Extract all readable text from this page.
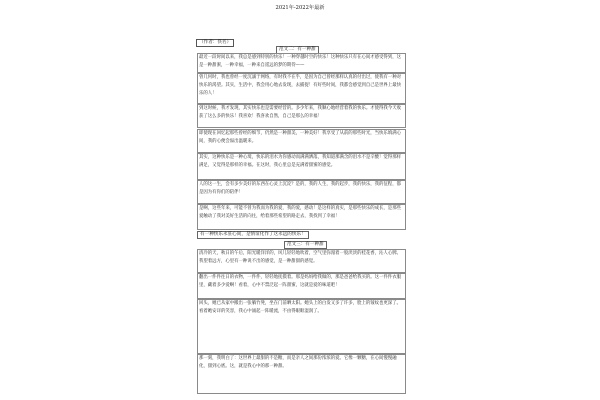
2021年-2022年最新
（作者：佚名）
范文二：有一种甜
最近一段时间以来，我总是感到特别的快乐！一种穿越时空的快乐！这种快乐只有在心间才感受得到，这是一种甜蜜，一种幸福，一种来自遥远的梦的期待——
曾几何时，我也曾经一度沉溺于网络，有时我不在乎，是因为自己曾经那样认真的付出过，使我有一种对快乐的渴望。其实，生活中，我会用心地去发现，去捕捉！有好些时间，我都会感觉到自己是世界上最快乐的人！
到这时候，我才发现，其实快乐也是需要经营的。多少年来，我顺心地经营着我的快乐。才使得我今天收获了这么多的快乐！我喜欢！我喜欢自然，自己是那么的幸福！
即使现在回忆起那些曾经的细节，仍然是一种甜美，一种美好！我享受了从前的那些时光，当快乐填满心间，我的心便会溢出温暖来。
其实，这种快乐是一种心境，快乐的泪水为你感动而满满洒落，我知道那满含的泪水不是辛酸！觉得那样满足，又觉得是那样的幸福。在这时，我心里总是充满着甜蜜的感觉。
人的这一生，会有多少美好的东西在心灵上沉淀？是的，我的人生，我的起步，我的快乐，我的征程，都是因为有你们的陪伴！
是啊，这些年来，可能不曾为我而为我的爱，我的爱，感动！是这样的真实，是那些快乐的成长，是那些爱触动了我对美好生活的向往，给着那些希望的路走去，我找到了幸福！
有一种快乐永驻心间，是情谊化作了这永远的快乐！
范文三：有一种甜
清冷的天，秋日的午后，阳光暖洋洋的，风儿轻轻地吹着，空气里弥漫着一股淡淡的桂花香，沁人心脾。我望着远方，心里有一种说不出的感觉，是一种甜甜的感觉。
翻出一件件往日的衣物，一件件，轻轻地抚摸着。那是妈妈给我做的，那是爸爸给我买的。这一件件衣服里，藏着多少爱啊！看着，心中不禁泛起一阵甜蜜，这就是爱的味道吧！
回头，她已从家中搬出一张躺竹凳，坐在门前晒太阳。她头上的白发又多了许多，脸上的皱纹也更深了。看着她安详的笑容，我心中涌起一阵暖流，不由得眼眶湿润了。
那一刻，我明白了：这世界上最甜的不是糖，而是亲人之间那份浓浓的爱。它像一颗糖，在心间慢慢融化，甜到心底。这，就是我心中的那一种甜。
